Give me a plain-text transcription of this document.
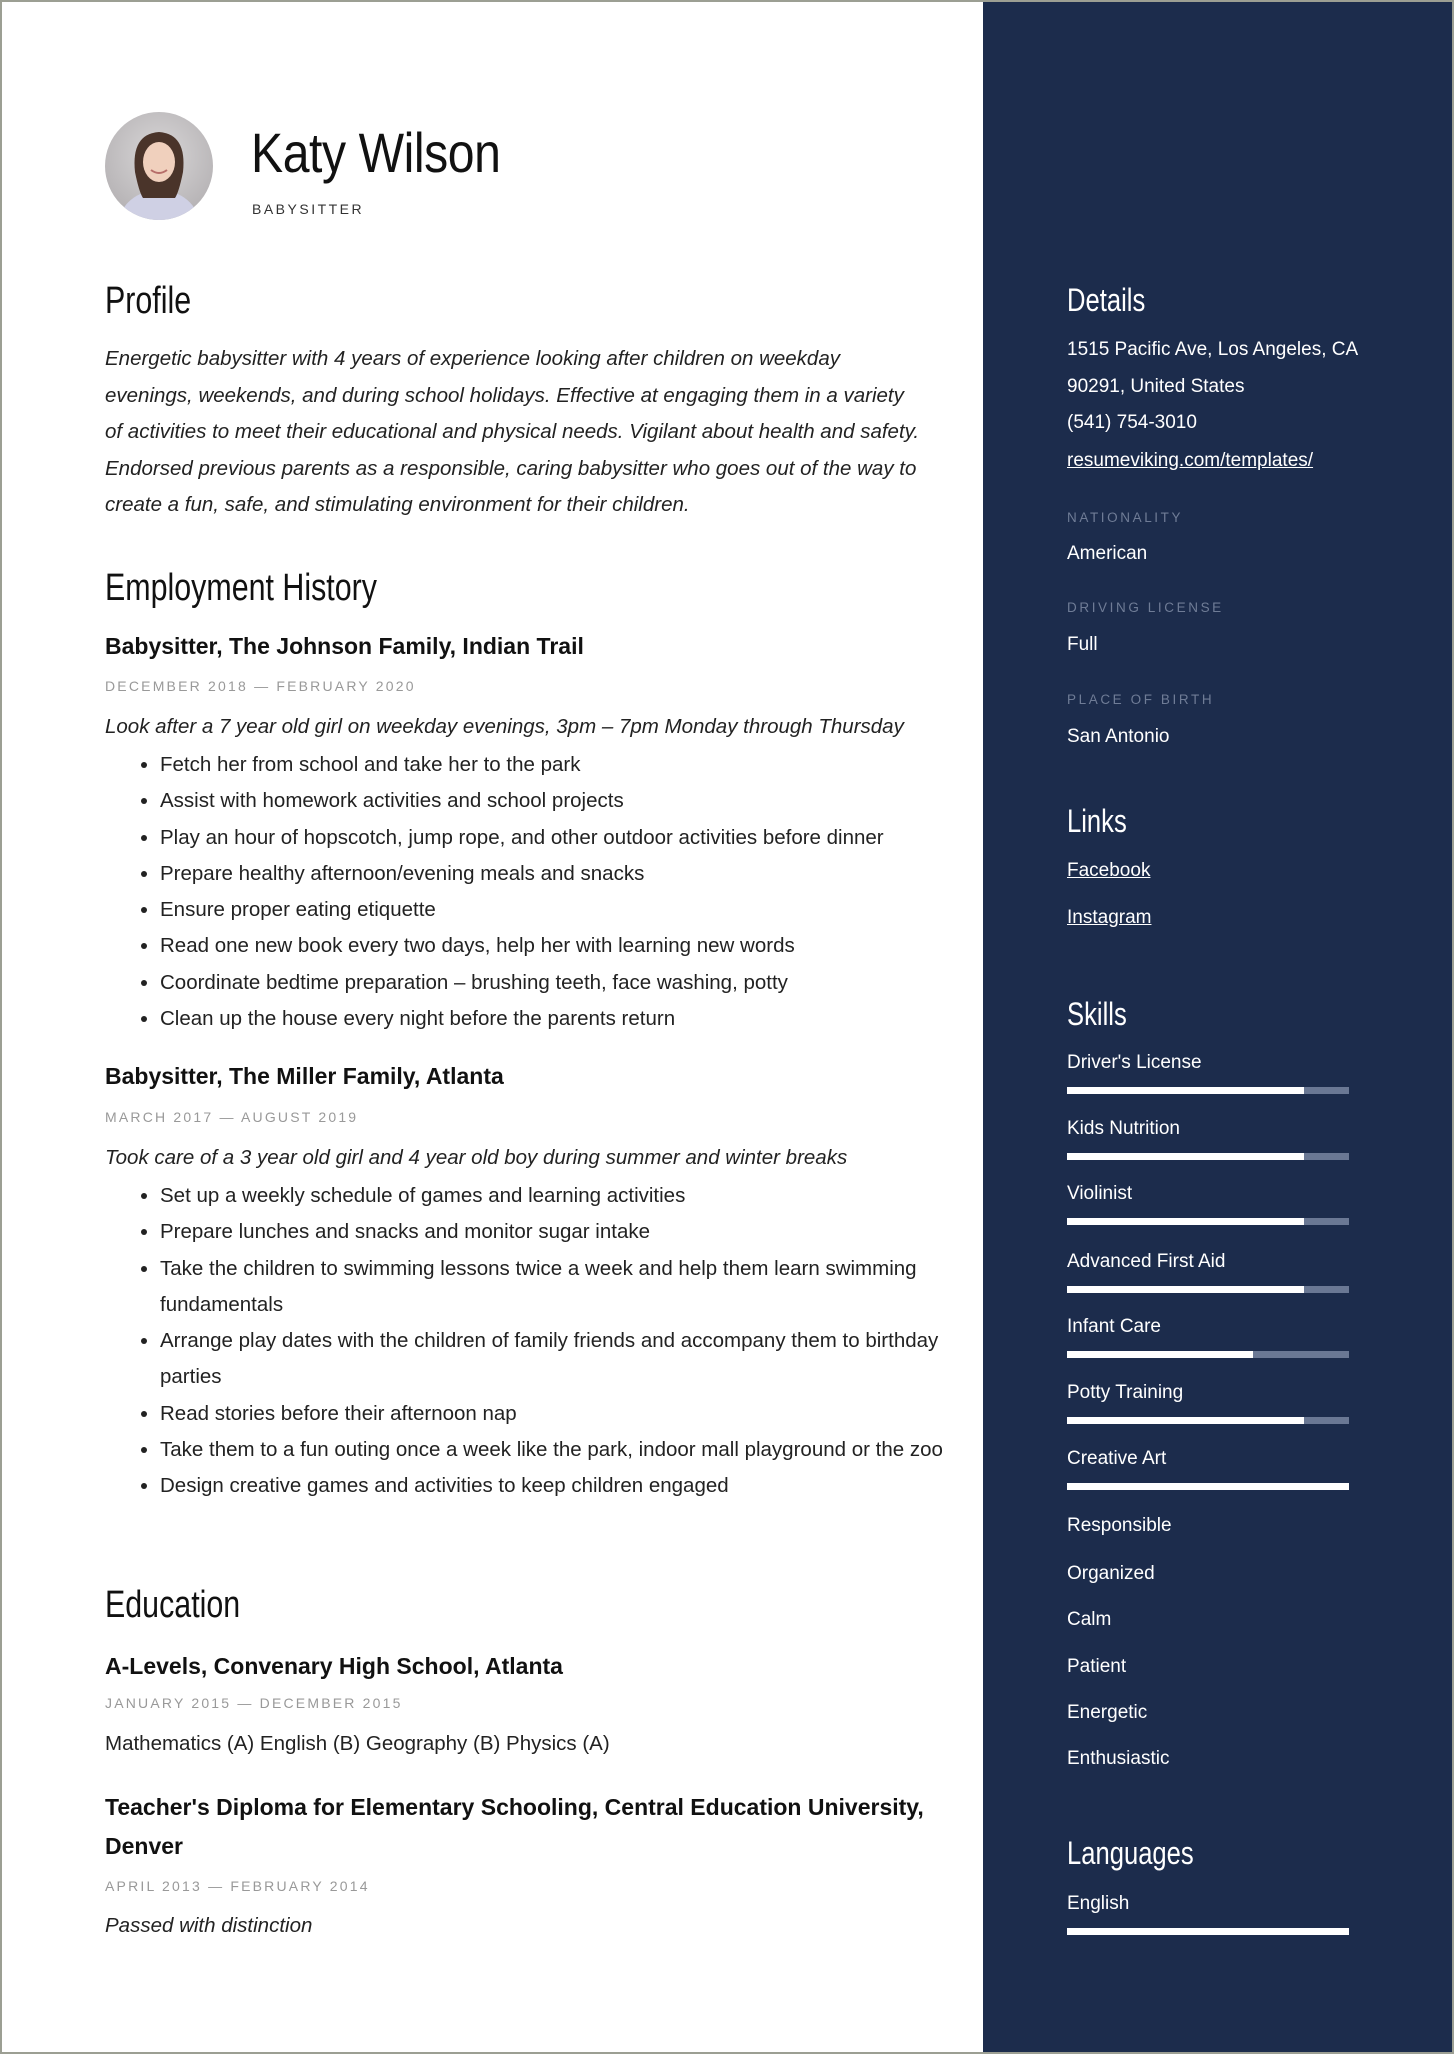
Katy Wilson
BABYSITTER
Profile
Energetic babysitter with 4 years of experience looking after children on weekday evenings, weekends, and during school holidays. Effective at engaging them in a variety of activities to meet their educational and physical needs. Vigilant about health and safety. Endorsed previous parents as a responsible, caring babysitter who goes out of the way to create a fun, safe, and stimulating environment for their children.
Employment History
Babysitter, The Johnson Family, Indian Trail
DECEMBER 2018 — FEBRUARY 2020
Look after a 7 year old girl on weekday evenings, 3pm – 7pm Monday through Thursday
• Fetch her from school and take her to the park
• Assist with homework activities and school projects
• Play an hour of hopscotch, jump rope, and other outdoor activities before dinner
• Prepare healthy afternoon/evening meals and snacks
• Ensure proper eating etiquette
• Read one new book every two days, help her with learning new words
• Coordinate bedtime preparation – brushing teeth, face washing, potty
• Clean up the house every night before the parents return
Babysitter, The Miller Family, Atlanta
MARCH 2017 — AUGUST 2019
Took care of a 3 year old girl and 4 year old boy during summer and winter breaks
• Set up a weekly schedule of games and learning activities
• Prepare lunches and snacks and monitor sugar intake
• Take the children to swimming lessons twice a week and help them learn swimming fundamentals
• Arrange play dates with the children of family friends and accompany them to birthday parties
• Read stories before their afternoon nap
• Take them to a fun outing once a week like the park, indoor mall playground or the zoo
• Design creative games and activities to keep children engaged
Education
A-Levels, Convenary High School, Atlanta
JANUARY 2015 — DECEMBER 2015
Mathematics (A) English (B) Geography (B) Physics (A)
Teacher's Diploma for Elementary Schooling, Central Education University, Denver
APRIL 2013 — FEBRUARY 2014
Passed with distinction
Details
1515 Pacific Ave, Los Angeles, CA
90291, United States
(541) 754-3010
resumeviking.com/templates/
NATIONALITY
American
DRIVING LICENSE
Full
PLACE OF BIRTH
San Antonio
Links
Facebook
Instagram
Skills
Driver's License
Kids Nutrition
Violinist
Advanced First Aid
Infant Care
Potty Training
Creative Art
Responsible
Organized
Calm
Patient
Energetic
Enthusiastic
Languages
English
